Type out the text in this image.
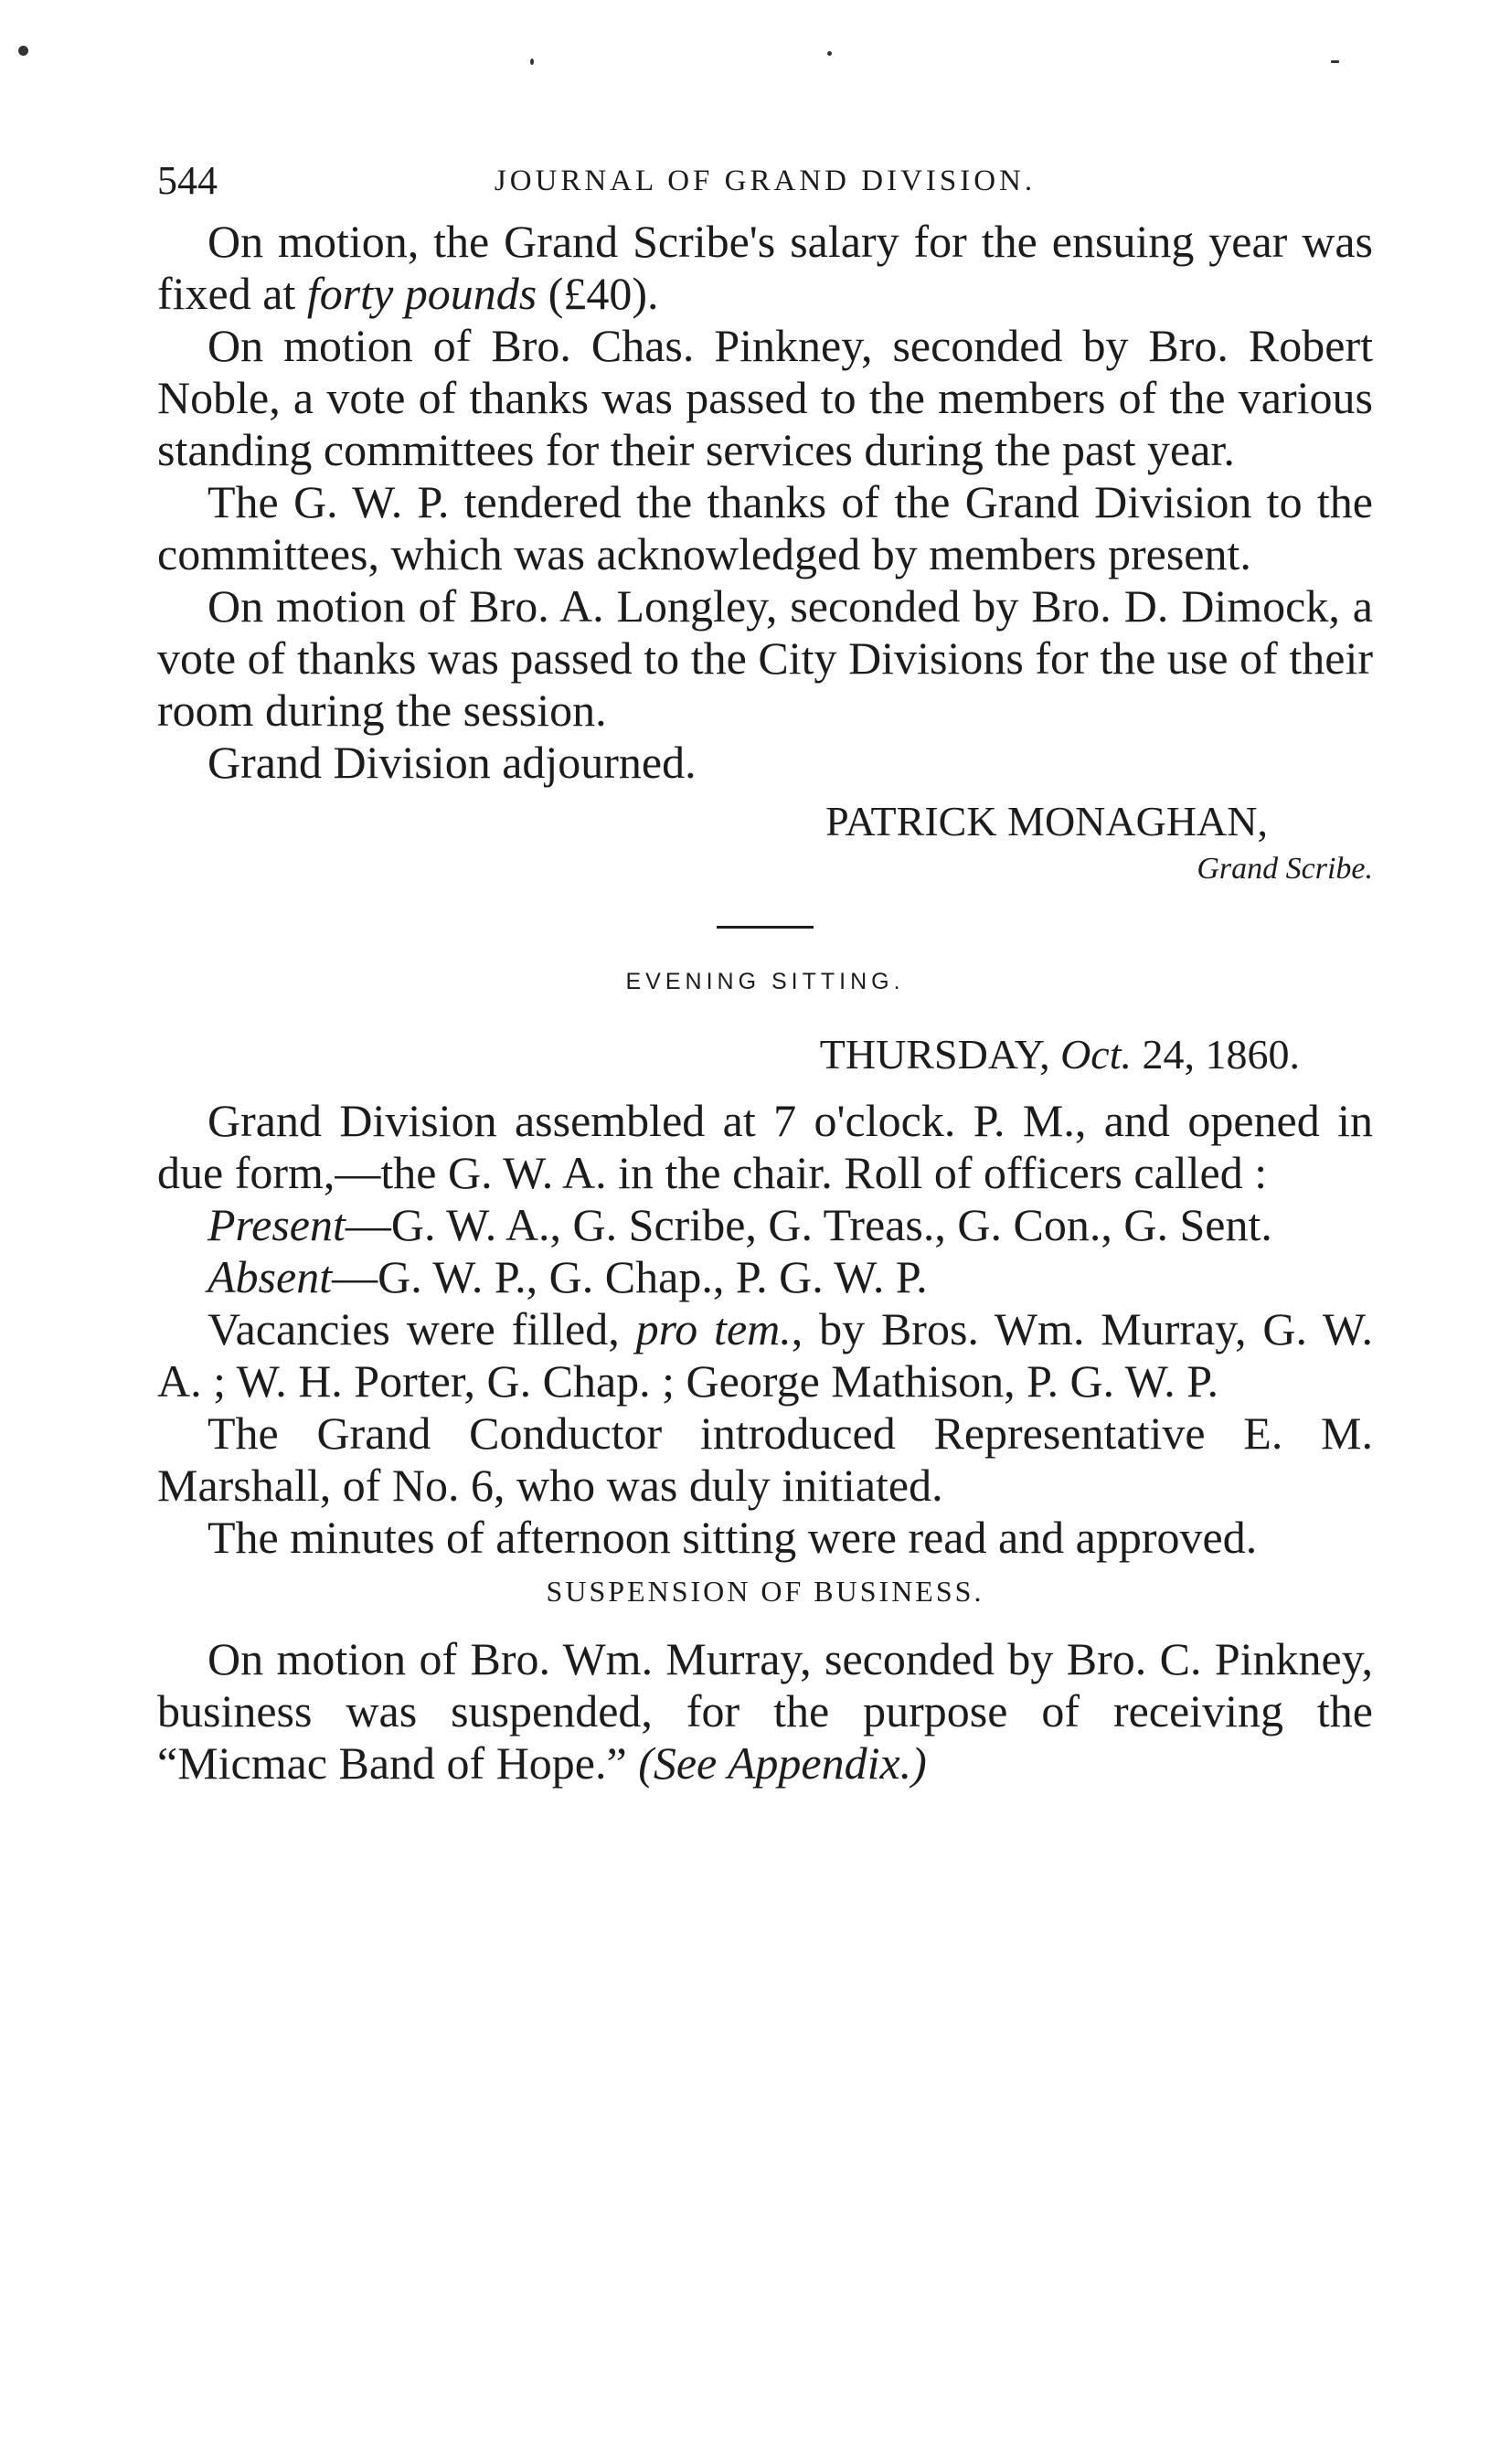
544	JOURNAL OF GRAND DIVISION.

On motion, the Grand Scribe's salary for the ensuing year was fixed at forty pounds (£40).

On motion of Bro. Chas. Pinkney, seconded by Bro. Robert Noble, a vote of thanks was passed to the members of the various standing committees for their services during the past year.

The G. W. P. tendered the thanks of the Grand Division to the committees, which was acknowledged by members present.

On motion of Bro. A. Longley, seconded by Bro. D. Dimock, a vote of thanks was passed to the City Divisions for the use of their room during the session.

Grand Division adjourned.

PATRICK MONAGHAN,
Grand Scribe.
EVENING SITTING.
THURSDAY, Oct. 24, 1860.

Grand Division assembled at 7 o'clock. P. M., and opened in due form,—the G. W. A. in the chair. Roll of officers called :

Present—G. W. A., G. Scribe, G. Treas., G. Con., G. Sent.

Absent—G. W. P., G. Chap., P. G. W. P.

Vacancies were filled, pro tem., by Bros. Wm. Murray, G. W. A. ; W. H. Porter, G. Chap. ; George Mathison, P. G. W. P.

The Grand Conductor introduced Representative E. M. Marshall, of No. 6, who was duly initiated.

The minutes of afternoon sitting were read and approved.

SUSPENSION OF BUSINESS.

On motion of Bro. Wm. Murray, seconded by Bro. C. Pinkney, business was suspended, for the purpose of receiving the “Micmac Band of Hope.” (See Appendix.)
